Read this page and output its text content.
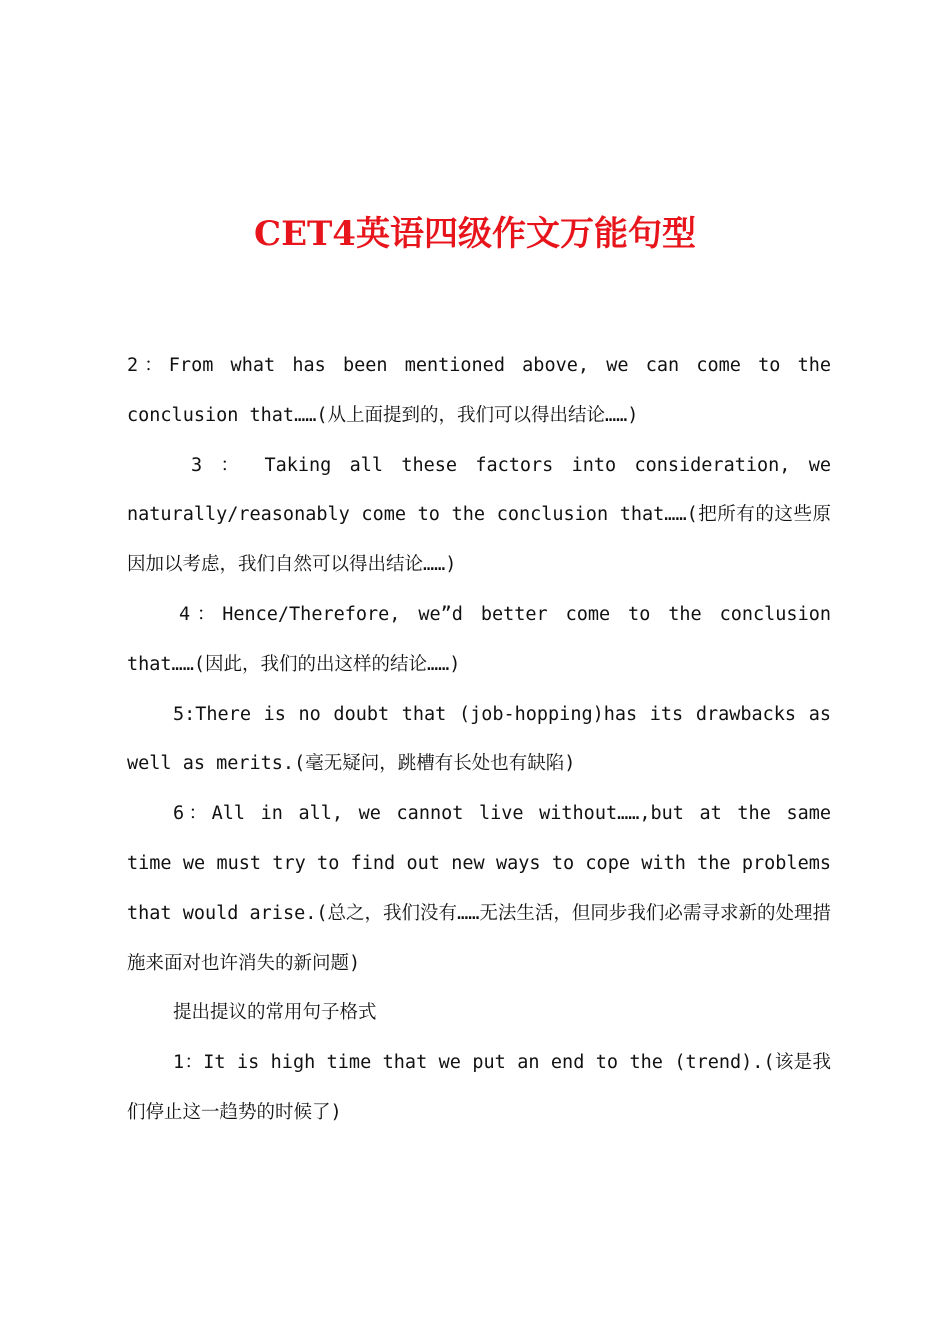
CET4英语四级作文万能句型

2：From what has been mentioned above, we can come to the conclusion that……(从上面提到的，我们可以得出结论……)

3 ： Taking all these factors into consideration, we naturally/reasonably come to the conclusion that……(把所有的这些原因加以考虑，我们自然可以得出结论……)

4：Hence/Therefore, we”d better come to the conclusion that……(因此，我们的出这样的结论……)

5:There is no doubt that (job-hopping)has its drawbacks as well as merits.(毫无疑问，跳槽有长处也有缺陷)

6：All in all, we cannot live without……,but at the same time we must try to find out new ways to cope with the problems that would arise.(总之，我们没有……无法生活，但同步我们必需寻求新的处理措施来面对也许消失的新问题)

提出提议的常用句子格式

1：It is high time that we put an end to the (trend).(该是我们停止这一趋势的时候了)
